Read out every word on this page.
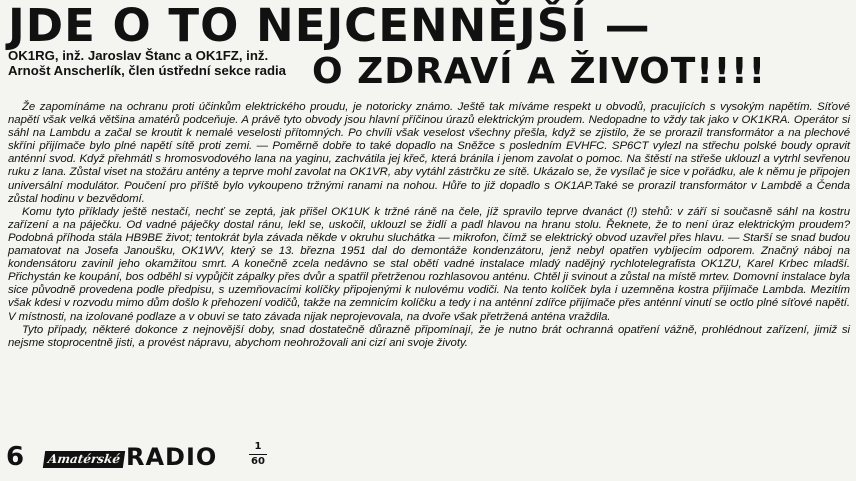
JDE O TO NEJCENNĚJŠÍ —
OK1RG, inž. Jaroslav Štanc a OK1FZ, inž. Arnošt Anscherlík, člen ústřední sekce radia O ZDRAVÍ A ŽIVOT!!!!

Že zapomínáme na ochranu proti účinkům elektrického proudu, je notoricky známo. Ještě tak míváme respekt u obvodů, pracujících s vysokým napětím. Síťové napětí však velká většina amatérů podceňuje. A právě tyto obvody jsou hlavní příčinou úrazů elektrickým proudem. Nedopadne to vždy tak jako v OK1KRA. Operátor si sáhl na Lambdu a začal se kroutit k nemalé veselosti přítomných. Po chvíli však veselost všechny přešla, když se zjistilo, že se prorazil transformátor a na plechové skříni přijímače bylo plné napětí sítě proti zemi. — Poměrně dobře to také dopadlo na Sněžce s posledním EVHFC. SP6CT vylezl na střechu polské boudy opravit anténní svod. Když přehmátl s hromosvodového lana na yaginu, zachvátila jej křeč, která bránila i jenom zavolat o pomoc. Na štěstí na střeše uklouzl a vytrhl sevřenou ruku z lana. Zůstal viset na stožáru antény a teprve mohl zavolat na OK1VR, aby vytáhl zástrčku ze sítě. Ukázalo se, že vysílač je sice v pořádku, ale k němu je připojen universální modulátor. Poučení pro příště bylo vykoupeno tržnými ranami na nohou. Hůře to již dopadlo s OK1AP.Také se prorazil transformátor v Lambdě a Čenda zůstal hodinu v bezvědomí.

Komu tyto příklady ještě nestačí, nechť se zeptá, jak přišel OK1UK k tržné ráně na čele, jíž spravilo teprve dvanáct (!) stehů: v září si současně sáhl na kostru zařízení a na páječku. Od vadné páječky dostal ránu, lekl se, uskočil, uklouzl se židlí a padl hlavou na hranu stolu. Řeknete, že to není úraz elektrickým proudem? Podobná příhoda stála HB9BE život; tentokrát byla závada někde v okruhu sluchátka — mikrofon, čímž se elektrický obvod uzavřel přes hlavu. — Starší se snad budou pamatovat na Josefa Janoušku, OK1WV, který se 13. března 1951 dal do demontáže kondenzátoru, jenž nebyl opatřen vybíjecím odporem. Značný náboj na kondensátoru zavinil jeho okamžitou smrt. A konečně zcela nedávno se stal obětí vadné instalace mladý nadějný rychlotelegrafista OK1ZU, Karel Krbec mladší. Přichystán ke koupání, bos odběhl si vypůjčit zápalky přes dvůr a spatřil přetrženou rozhlasovou anténu. Chtěl ji svinout a zůstal na místě mrtev. Domovní instalace byla sice původně provedena podle předpisu, s uzemňovacími kolíčky připojenými k nulovému vodiči. Na tento kolíček byla i uzemněna kostra přijímače Lambda. Mezitím však kdesi v rozvodu mimo dům došlo k přehození vodičů, takže na zemnicím kolíčku a tedy i na anténní zdířce přijímače přes anténní vinutí se octlo plné síťové napětí. V místnosti, na izolované podlaze a v obuvi se tato závada nijak neprojevovala, na dvoře však přetržená anténa vraždila.

Tyto případy, některé dokonce z nejnovější doby, snad dostatečně důrazně připomínají, že je nutno brát ochranná opatření vážně, prohlédnout zařízení, jimiž si nejsme stoprocentně jisti, a provést nápravu, abychom neohrožovali ani cizí ani svoje životy.

6	Amatérské RADIO	1
60
